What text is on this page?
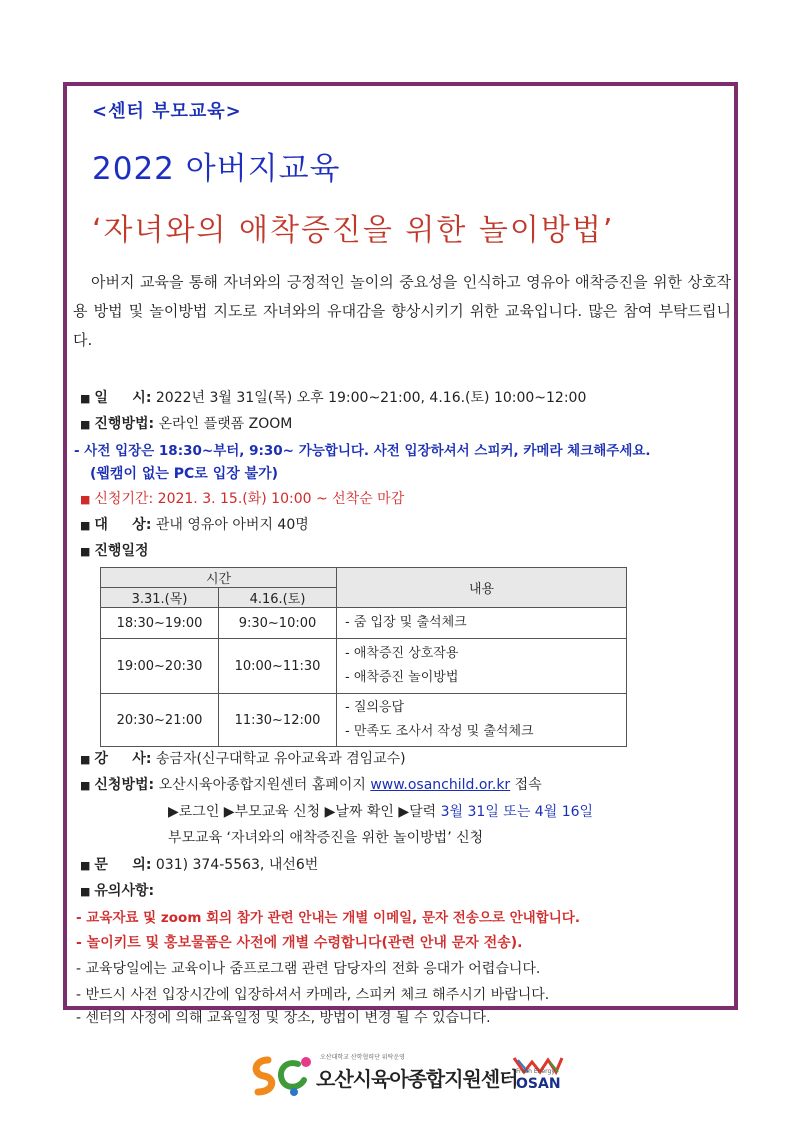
<센터 부모교육>
2022 아버지교육
‘자녀와의 애착증진을 위한 놀이방법’
아버지 교육을 통해 자녀와의 긍정적인 놀이의 중요성을 인식하고 영유아 애착증진을 위한 상호작용 방법 및 놀이방법 지도로 자녀와의 유대감을 향상시키기 위한 교육입니다. 많은 참여 부탁드립니다.
■ 일     시: 2022년 3월 31일(목) 오후 19:00~21:00, 4.16.(토) 10:00~12:00
■ 진행방법: 온라인 플랫폼 ZOOM
- 사전 입장은 18:30~부터, 9:30~ 가능합니다. 사전 입장하셔서 스피커, 카메라 체크해주세요.
(웹캠이 없는 PC로 입장 불가)
■ 신청기간: 2021. 3. 15.(화) 10:00 ~ 선착순 마감
■ 대     상: 관내 영유아 아버지 40명
■ 진행일정
시간		내용
3.31.(목)	4.16.(토)	
18:30~19:00	9:30~10:00	- 줌 입장 및 출석체크

19:00~20:30	10:00~11:30	- 애착증진 상호작용
- 애착증진 놀이방법

20:30~21:00	11:30~12:00	- 질의응답
- 만족도 조사서 작성 및 출석체크
■ 강     사: 송금자(신구대학교 유아교육과 겸임교수)
■ 신청방법: 오산시육아종합지원센터 홈페이지 www.osanchild.or.kr 접속
▶로그인 ▶부모교육 신청 ▶날짜 확인 ▶달력 3월 31일 또는 4월 16일
부모교육 ‘자녀와의 애착증진을 위한 놀이방법’ 신청
■ 문     의: 031) 374-5563, 내선6번
■ 유의사항:
- 교육자료 및 zoom 회의 참가 관련 안내는 개별 이메일, 문자 전송으로 안내합니다.
- 놀이키트 및 홍보물품은 사전에 개별 수령합니다(관련 안내 문자 전송).
- 교육당일에는 교육이나 줌프로그램 관련 담당자의 전화 응대가 어렵습니다.
- 반드시 사전 입장시간에 입장하셔서 카메라, 스피커 체크 해주시기 바랍니다.
- 센터의 사정에 의해 교육일정 및 장소, 방법이 변경 될 수 있습니다.
오산대학교 산학협력단 위탁운영
오산시육아종합지원센터
Fresh Energy
OSAN
